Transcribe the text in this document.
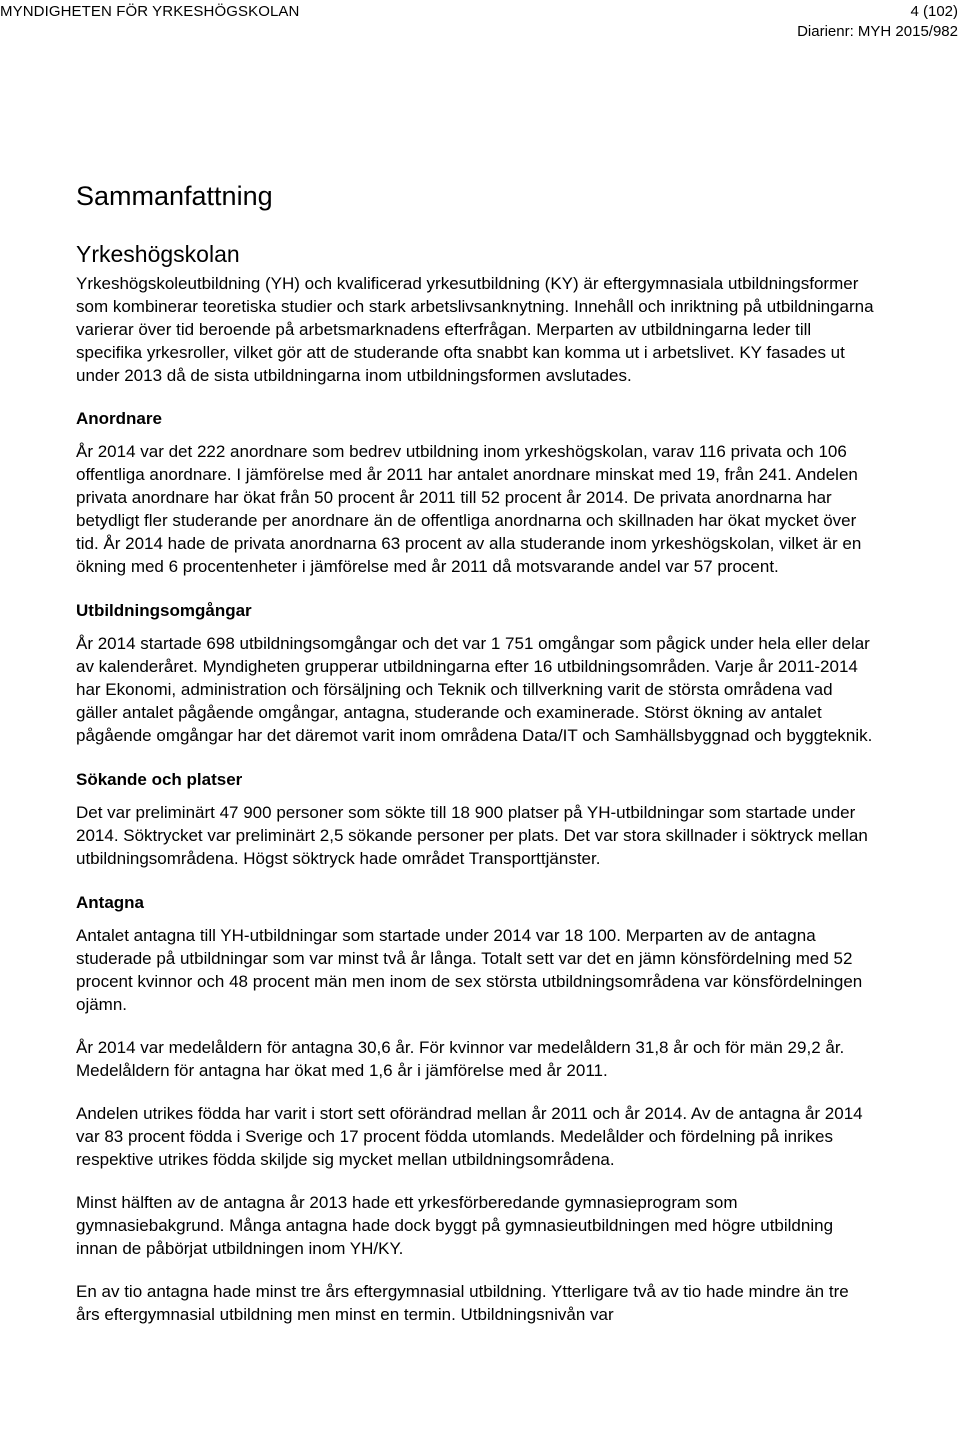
MYNDIGHETEN FÖR YRKESHÖGSKOLAN	4 (102)
Diarienr: MYH 2015/982
Sammanfattning
Yrkeshögskolan

Yrkeshögskoleutbildning (YH) och kvalificerad yrkesutbildning (KY) är eftergymnasiala utbildningsformer som kombinerar teoretiska studier och stark arbetslivsanknytning. Innehåll och inriktning på utbildningarna varierar över tid beroende på arbetsmarknadens efterfrågan. Merparten av utbildningarna leder till specifika yrkesroller, vilket gör att de studerande ofta snabbt kan komma ut i arbetslivet. KY fasades ut under 2013 då de sista utbildningarna inom utbildningsformen avslutades.

Anordnare

År 2014 var det 222 anordnare som bedrev utbildning inom yrkeshögskolan, varav 116 privata och 106 offentliga anordnare. I jämförelse med år 2011 har antalet anordnare minskat med 19, från 241. Andelen privata anordnare har ökat från 50 procent år 2011 till 52 procent år 2014. De privata anordnarna har betydligt fler studerande per anordnare än de offentliga anordnarna och skillnaden har ökat mycket över tid. År 2014 hade de privata anordnarna 63 procent av alla studerande inom yrkeshögskolan, vilket är en ökning med 6 procentenheter i jämförelse med år 2011 då motsvarande andel var 57 procent.

Utbildningsomgångar

År 2014 startade 698 utbildningsomgångar och det var 1 751 omgångar som pågick under hela eller delar av kalenderåret. Myndigheten grupperar utbildningarna efter 16 utbildningsområden. Varje år 2011-2014 har Ekonomi, administration och försäljning och Teknik och tillverkning varit de största områdena vad gäller antalet pågående omgångar, antagna, studerande och examinerade. Störst ökning av antalet pågående omgångar har det däremot varit inom områdena Data/IT och Samhällsbyggnad och byggteknik.

Sökande och platser

Det var preliminärt 47 900 personer som sökte till 18 900 platser på YH-utbildningar som startade under 2014. Söktrycket var preliminärt 2,5 sökande personer per plats. Det var stora skillnader i söktryck mellan utbildningsområdena. Högst söktryck hade området Transporttjänster.

Antagna

Antalet antagna till YH-utbildningar som startade under 2014 var 18 100. Merparten av de antagna studerade på utbildningar som var minst två år långa. Totalt sett var det en jämn könsfördelning med 52 procent kvinnor och 48 procent män men inom de sex största utbildningsområdena var könsfördelningen ojämn.

År 2014 var medelåldern för antagna 30,6 år. För kvinnor var medelåldern 31,8 år och för män 29,2 år. Medelåldern för antagna har ökat med 1,6 år i jämförelse med år 2011.

Andelen utrikes födda har varit i stort sett oförändrad mellan år 2011 och år 2014. Av de antagna år 2014 var 83 procent födda i Sverige och 17 procent födda utomlands. Medelålder och fördelning på inrikes respektive utrikes födda skiljde sig mycket mellan utbildningsområdena.

Minst hälften av de antagna år 2013 hade ett yrkesförberedande gymnasieprogram som gymnasiebakgrund. Många antagna hade dock byggt på gymnasieutbildningen med högre utbildning innan de påbörjat utbildningen inom YH/KY.

En av tio antagna hade minst tre års eftergymnasial utbildning. Ytterligare två av tio hade mindre än tre års eftergymnasial utbildning men minst en termin. Utbildningsnivån var
